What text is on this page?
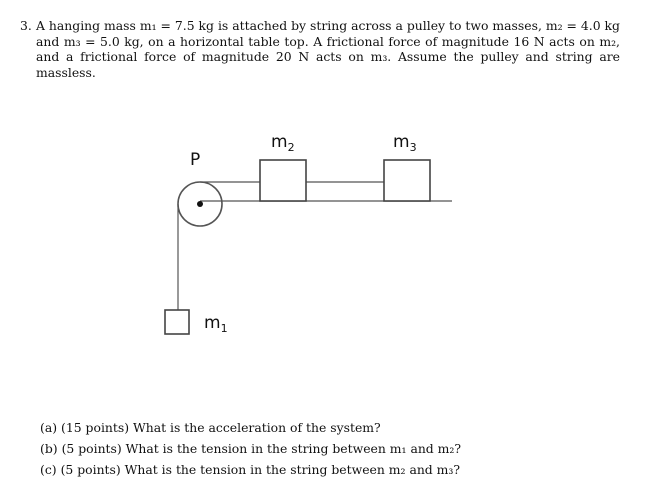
3. A hanging mass m₁ = 7.5 kg is attached by string across a pulley to two masses, m₂ = 4.0 kg and m₃ = 5.0 kg, on a horizontal table top. A frictional force of magnitude 16 N acts on m₂, and a frictional force of magnitude 20 N acts on m₃. Assume the pulley and string are massless.
P
$m_2$	$m_3$
$m_1$
(a) (15 points) What is the acceleration of the system?
(b) (5 points) What is the tension in the string between m₁ and m₂?
(c) (5 points) What is the tension in the string between m₂ and m₃?
